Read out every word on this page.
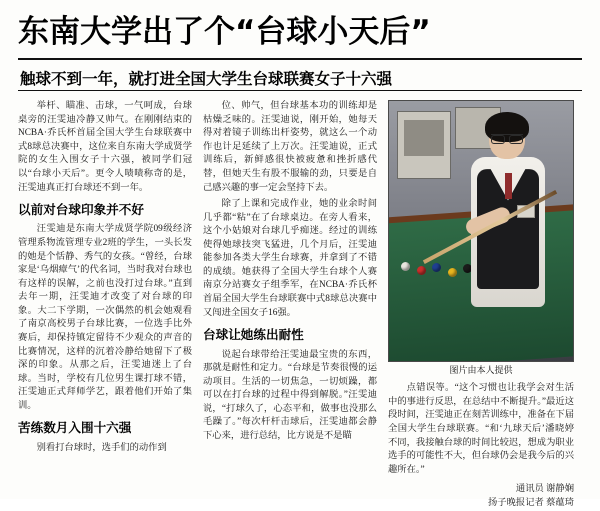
东南大学出了个“台球小天后”
触球不到一年，就打进全国大学生台球联赛女子十六强

举杆、瞄准、击球，一气呵成，台球桌旁的汪雯迪冷静又帅气。在刚刚结束的NCBA·乔氏杯首届全国大学生台球联赛中式8球总决赛中，这位来自东南大学成贤学院的女生入围女子十六强，被同学们冠以“台球小天后”。更令人啧啧称奇的是，汪雯迪真正打台球还不到一年。

以前对台球印象并不好

汪雯迪是东南大学成贤学院09级经济管理系物流管理专业2班的学生，一头长发的她是个恬静、秀气的女孩。“曾经，台球家是‘乌烟瘴气’的代名词，当时我对台球也有这样的误解，之前也没打过台球。”直到去年一期，汪雯迪才改变了对台球的印象。大二下学期，一次偶然的机会她观看了南京高校男子台球比赛，一位选手比外赛后，却保持镇定留待不少观众的声音的比赛情况，这样的沉着冷静给她留下了极深的印象。从那之后，汪雯迪迷上了台球。当时，学校有几位男生课打球不错，汪雯迪正式拜师学艺，跟着他们开始了集训。

苦练数月入围十六强

别看打台球时，选手们的动作到

位、帅气，但台球基本功的训练却是枯燥乏味的。汪雯迪说，刚开始，她每天得对着镜子训练出杆姿势，就这么一个动作也计足延续了上万次。汪雯迪说，正式训练后，新鲜感很快被疲惫和挫折感代替，但她天生有股不服输的劲，只要是自己感兴趣的事一定会坚持下去。

除了上课和完成作业，她的业余时间几乎都“粘”在了台球桌边。在旁人看来，这个小姑娘对台球几乎痴迷。经过的训练使得她球技突飞猛进，几个月后，汪雯迪能参加各类大学生台球赛，并拿到了不错的成绩。她获得了全国大学生台球个人赛南京分站赛女子组季军，在NCBA·乔氏杯首届全国大学生台球联赛中式8球总决赛中又闯进全国女子16强。

台球让她练出耐性

说起台球带给汪雯迪最宝贵的东西，那就是耐性和定力。“台球是节奏很慢的运动项目。生活的一切焦急，一切烦躁，都可以在打台球的过程中得到解脱。”汪雯迪说，“打球久了，心态平和，做事也没那么毛躁了。”每次杆杆击球后，汪雯迪都会静下心来，进行总结，比方说是不是瞄

图片由本人提供

点错误等。“这个习惯也让我学会对生活中的事进行反思，在总结中不断提升。”最近这段时间，汪雯迪正在刻苦训练中，准备在下届全国大学生台球联赛。“和‘九球天后’潘晓婷不同，我接触台球的时间比较迟，想成为职业选手的可能性不大，但台球仍会是我今后的兴趣所在。”

通讯员 谢静娴
扬子晚报记者 蔡蕴琦
